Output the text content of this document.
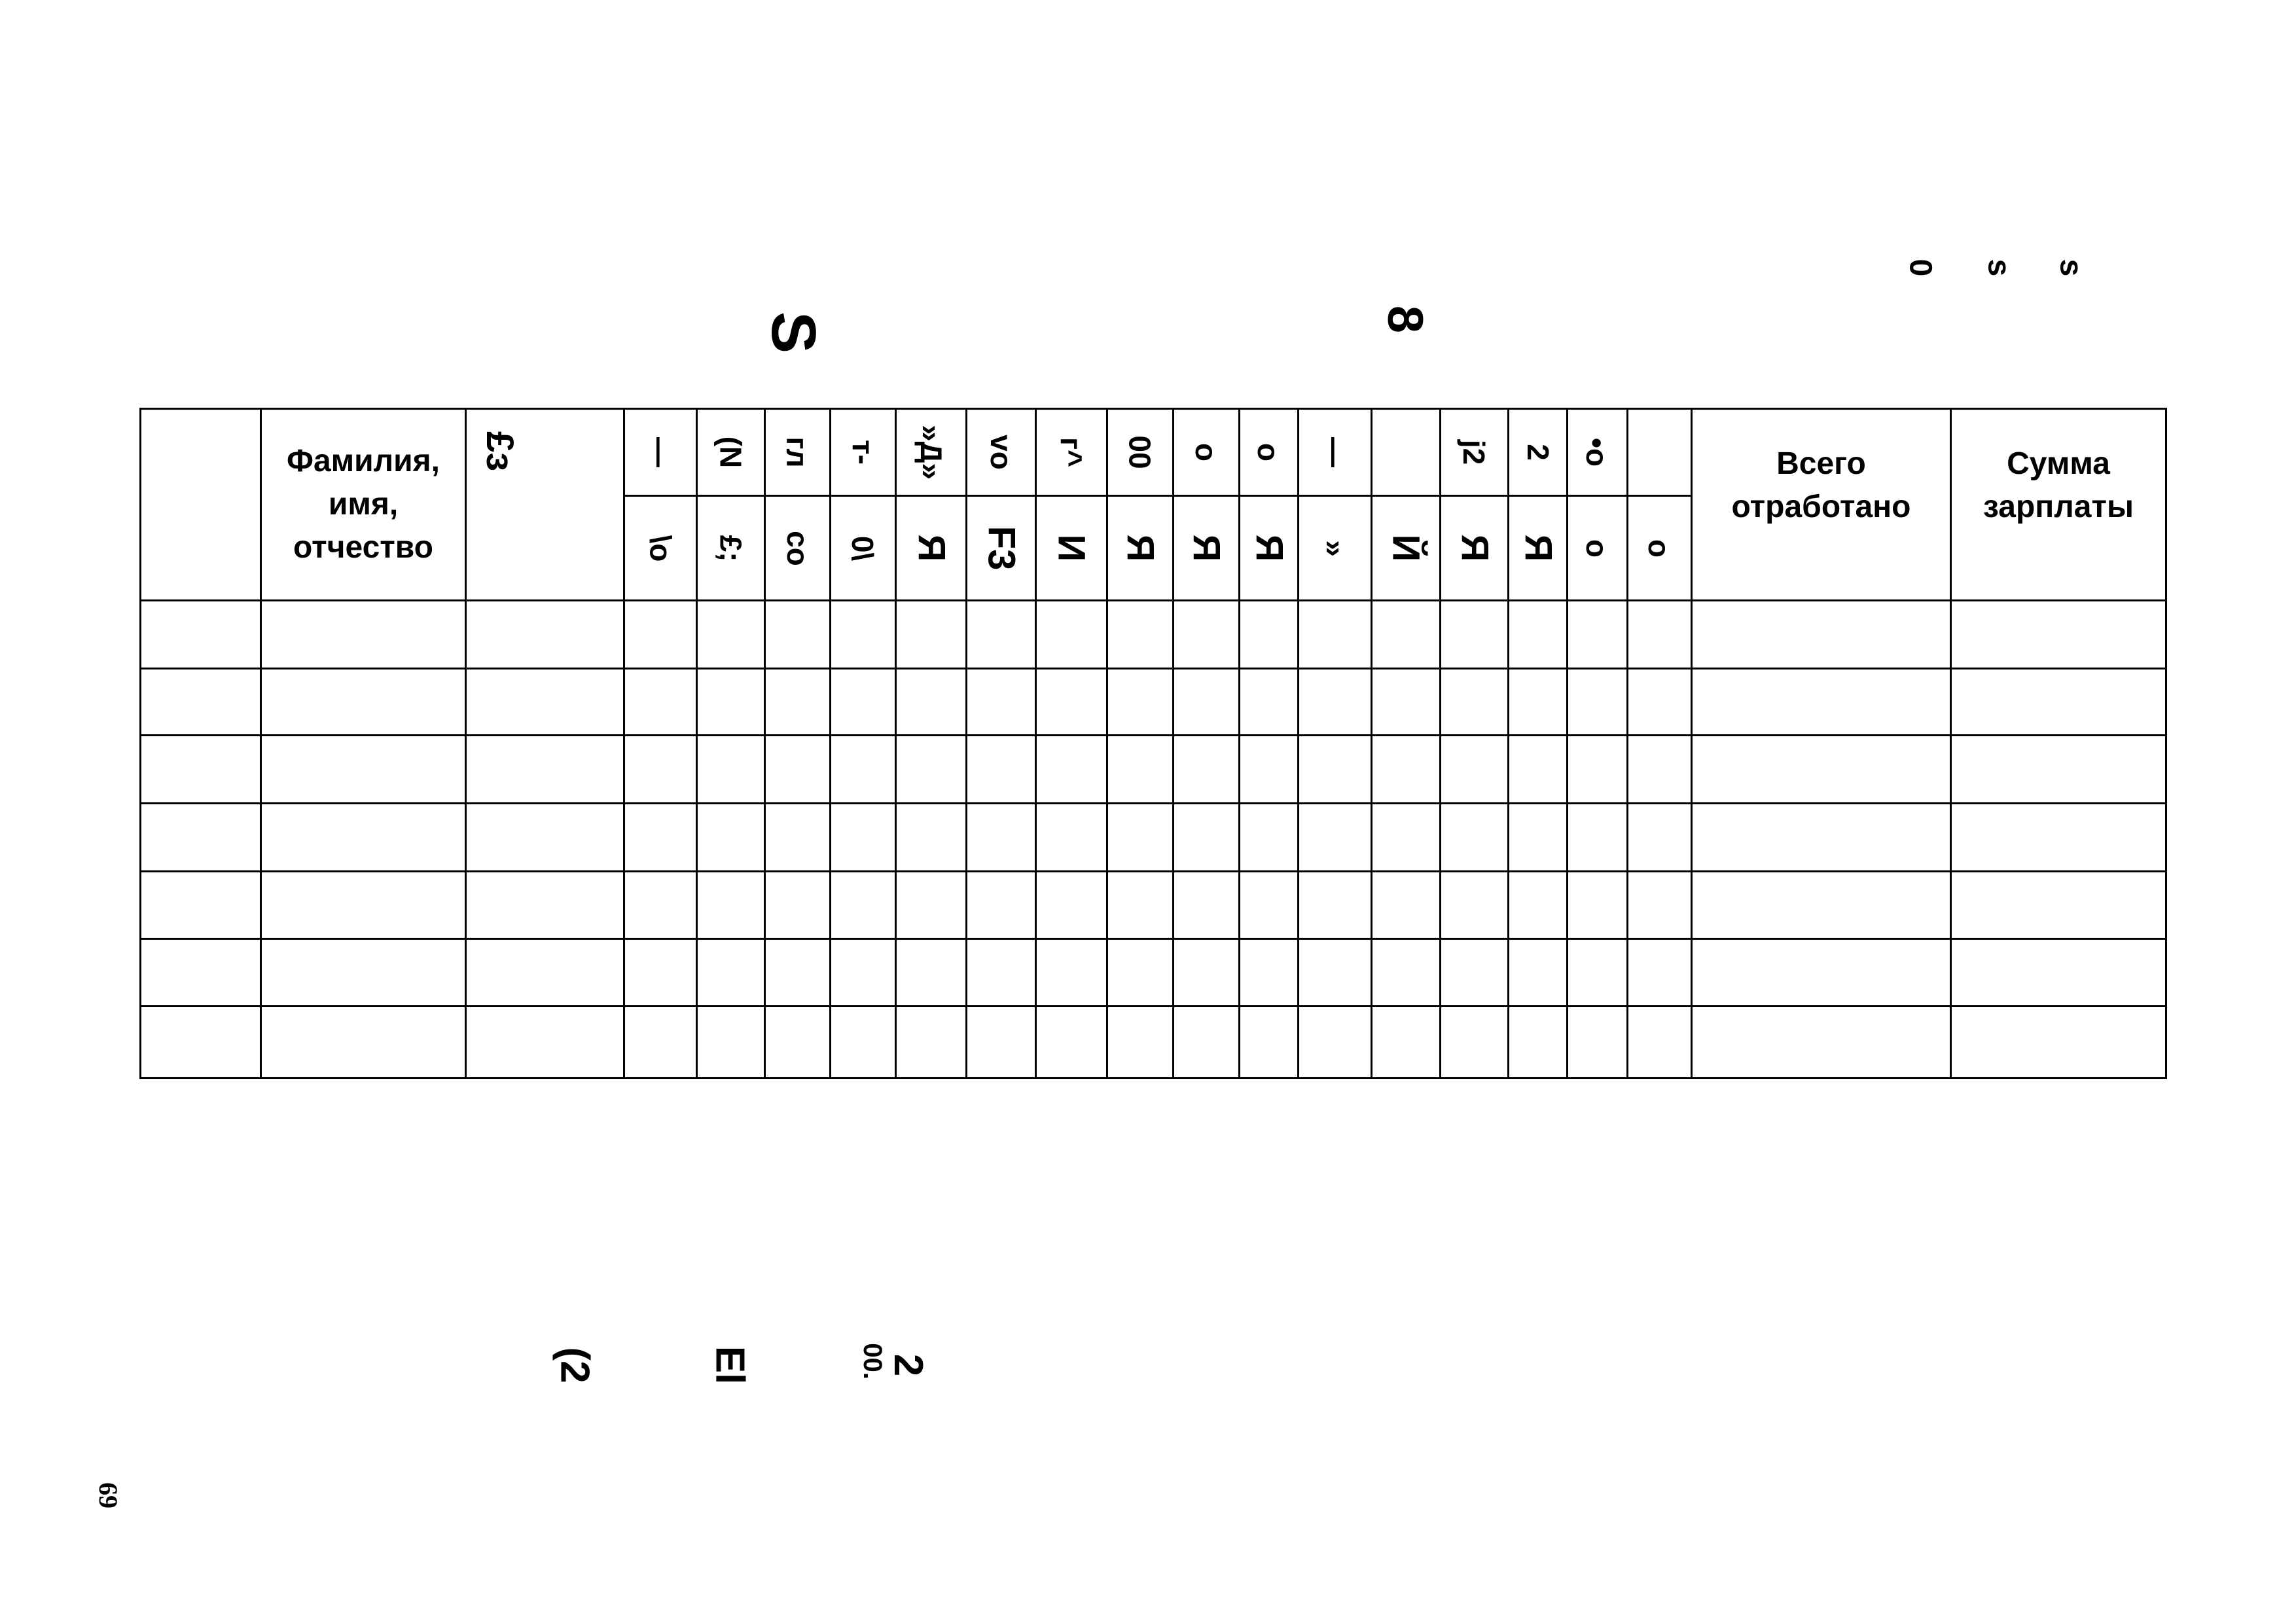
S	8
0 s s

	Фамилия, имя, отчество	£з	—	(N	гл	т-	»Д»	vo	г^	00	о	о	—		j2	2	•о		Всего отработано	Сумма зарплаты

			\о	£;	со	0\	Я	F3	И	Я	Я	Я	»	Й	Я	Я	о	о		

(2	El	2
00.
69
